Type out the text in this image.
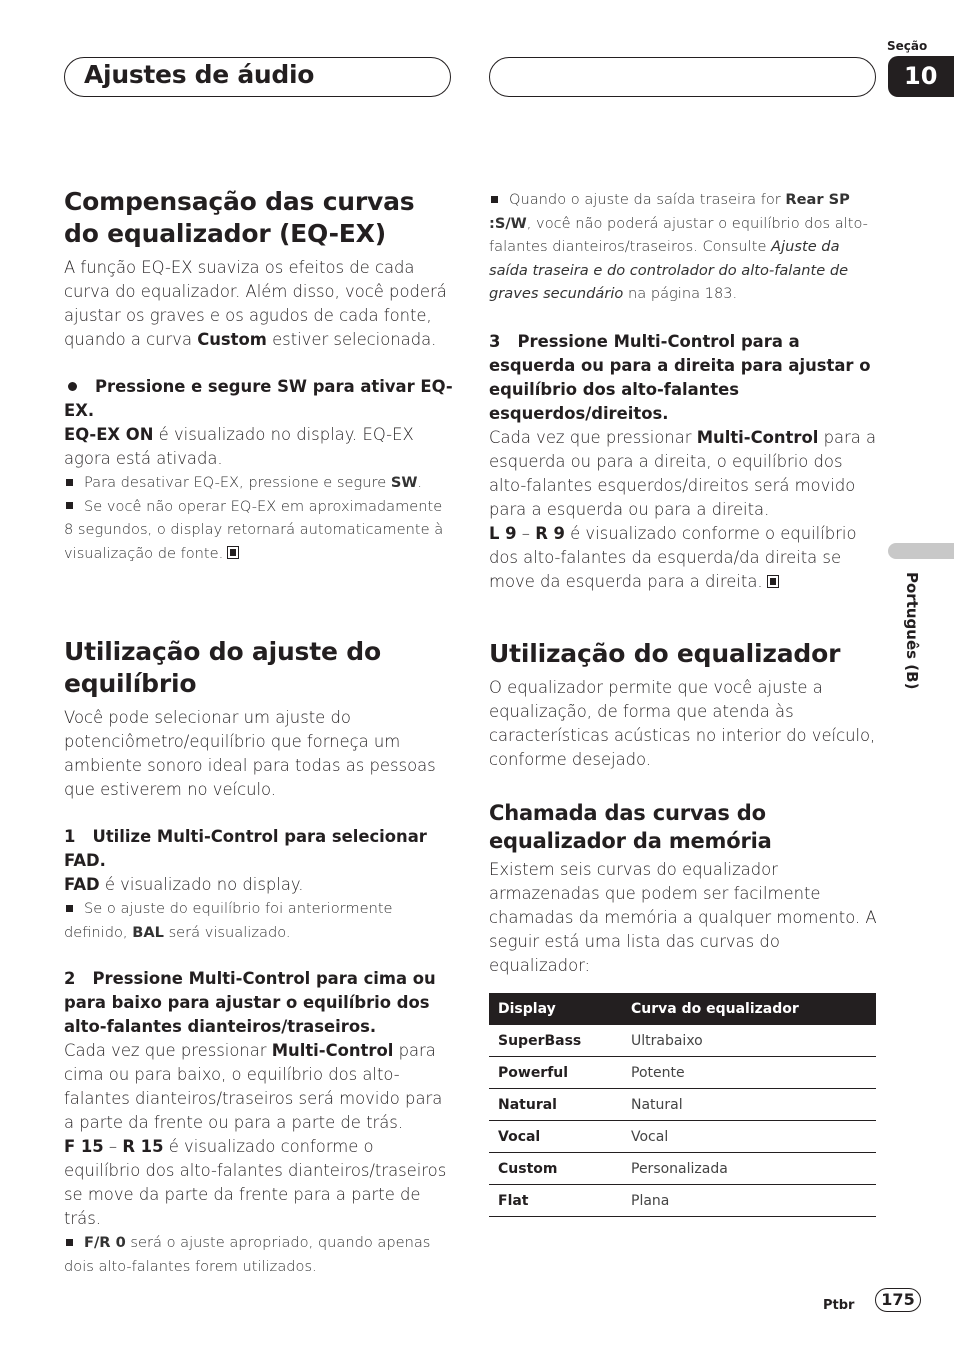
Ajustes de áudio
Seção
10
Português (B)
Compensação das curvas do equalizador (EQ-EX)

A função EQ-EX suaviza os efeitos de cada curva do equalizador. Além disso, você poderá ajustar os graves e os agudos de cada fonte, quando a curva Custom estiver selecionada.

Pressione e segure SW para ativar EQ-EX.

EQ-EX ON é visualizado no display. EQ-EX agora está ativada.

Para desativar EQ-EX, pressione e segure SW.

Se você não operar EQ-EX em aproximadamente 8 segundos, o display retornará automaticamente à visualização de fonte.

Utilização do ajuste do equilíbrio

Você pode selecionar um ajuste do potenciômetro/equilíbrio que forneça um ambiente sonoro ideal para todas as pessoas que estiverem no veículo.

1 Utilize Multi-Control para selecionar FAD.

FAD é visualizado no display.

Se o ajuste do equilíbrio foi anteriormente definido, BAL será visualizado.

2 Pressione Multi-Control para cima ou para baixo para ajustar o equilíbrio dos alto-falantes dianteiros/traseiros.

Cada vez que pressionar Multi-Control para cima ou para baixo, o equilíbrio dos alto-falantes dianteiros/traseiros será movido para a parte da frente ou para a parte de trás.

F 15 – R 15 é visualizado conforme o equilíbrio dos alto-falantes dianteiros/traseiros se move da parte da frente para a parte de trás.

F/R 0 será o ajuste apropriado, quando apenas dois alto-falantes forem utilizados.

Quando o ajuste da saída traseira for Rear SP :S/W, você não poderá ajustar o equilíbrio dos alto-falantes dianteiros/traseiros. Consulte Ajuste da saída traseira e do controlador do alto-falante de graves secundário na página 183.

3 Pressione Multi-Control para a esquerda ou para a direita para ajustar o equilíbrio dos alto-falantes esquerdos/direitos.

Cada vez que pressionar Multi-Control para a esquerda ou para a direita, o equilíbrio dos alto-falantes esquerdos/direitos será movido para a esquerda ou para a direita.

L 9 – R 9 é visualizado conforme o equilíbrio dos alto-falantes da esquerda/da direita se move da esquerda para a direita.

Utilização do equalizador

O equalizador permite que você ajuste a equalização, de forma que atenda às características acústicas no interior do veículo, conforme desejado.

Chamada das curvas do equalizador da memória

Existem seis curvas do equalizador armazenadas que podem ser facilmente chamadas da memória a qualquer momento. A seguir está uma lista das curvas do equalizador:

Display	Curva do equalizador
SuperBass	Ultrabaixo
Powerful	Potente
Natural	Natural
Vocal	Vocal
Custom	Personalizada
Flat	Plana
Ptbr	175
